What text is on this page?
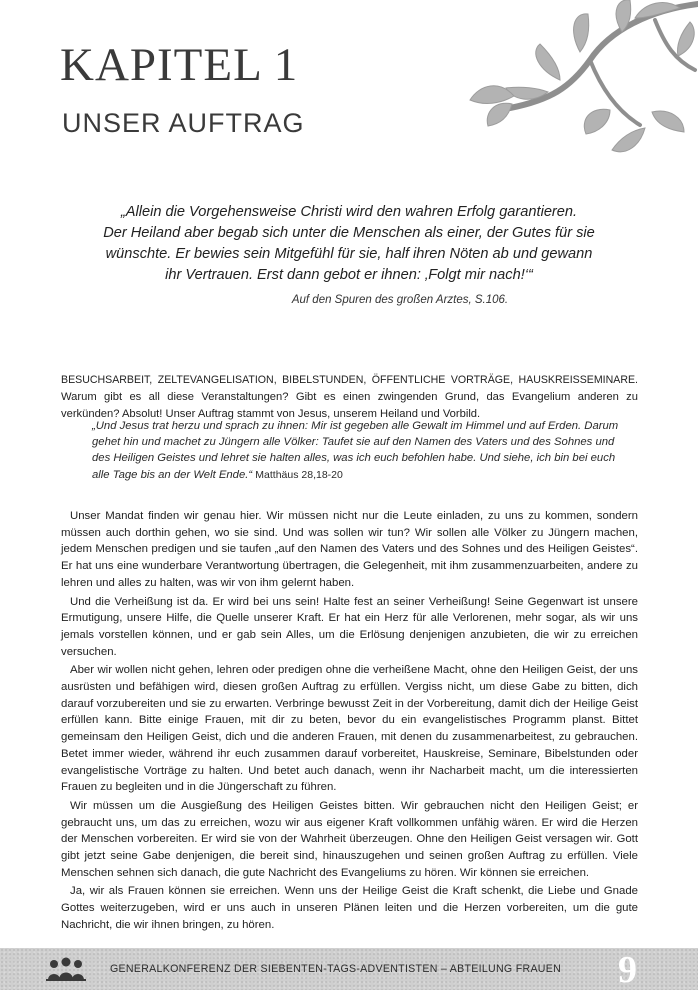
KAPITEL 1
UNSER AUFTRAG
„Allein die Vorgehensweise Christi wird den wahren Erfolg garantieren.
Der Heiland aber begab sich unter die Menschen als einer, der Gutes für sie
wünschte. Er bewies sein Mitgefühl für sie, half ihren Nöten ab und gewann
ihr Vertrauen. Erst dann gebot er ihnen: ‚Folgt mir nach!‘“
Auf den Spuren des großen Arztes, S.106.
BESUCHSARBEIT, ZELTEVANGELISATION, BIBELSTUNDEN, ÖFFENTLICHE VORTRÄGE, HAUSKREISSEMINARE. Warum gibt es all diese Veranstaltungen? Gibt es einen zwingenden Grund, das Evangelium anderen zu verkünden? Absolut! Unser Auftrag stammt von Jesus, unserem Heiland und Vorbild.
„Und Jesus trat herzu und sprach zu ihnen: Mir ist gegeben alle Gewalt im Himmel und auf Erden. Darum gehet hin und machet zu Jüngern alle Völker: Taufet sie auf den Namen des Vaters und des Sohnes und des Heiligen Geistes und lehret sie halten alles, was ich euch befohlen habe. Und siehe, ich bin bei euch alle Tage bis an der Welt Ende.“ Matthäus 28,18-20

Unser Mandat finden wir genau hier. Wir müssen nicht nur die Leute einladen, zu uns zu kommen, sondern müssen auch dorthin gehen, wo sie sind. Und was sollen wir tun? Wir sollen alle Völker zu Jüngern machen, jedem Menschen predigen und sie taufen „auf den Namen des Vaters und des Sohnes und des Heiligen Geistes“. Er hat uns eine wunderbare Verantwortung übertragen, die Gelegenheit, mit ihm zusammenzuarbeiten, andere zu lehren und alles zu halten, was wir von ihm gelernt haben.

Und die Verheißung ist da. Er wird bei uns sein! Halte fest an seiner Verheißung! Seine Gegenwart ist unsere Ermutigung, unsere Hilfe, die Quelle unserer Kraft. Er hat ein Herz für alle Verlorenen, mehr sogar, als wir uns jemals vorstellen können, und er gab sein Alles, um die Erlösung denjenigen anzubieten, die wir zu erreichen versuchen.

Aber wir wollen nicht gehen, lehren oder predigen ohne die verheißene Macht, ohne den Heiligen Geist, der uns ausrüsten und befähigen wird, diesen großen Auftrag zu erfüllen. Vergiss nicht, um diese Gabe zu bitten, dich darauf vorzubereiten und sie zu erwarten. Verbringe bewusst Zeit in der Vorbereitung, damit dich der Heilige Geist erfüllen kann. Bitte einige Frauen, mit dir zu beten, bevor du ein evangelistisches Programm planst. Bittet gemeinsam den Heiligen Geist, dich und die anderen Frauen, mit denen du zusammenarbeitest, zu gebrauchen. Betet immer wieder, während ihr euch zusammen darauf vorbereitet, Hauskreise, Seminare, Bibelstunden oder evangelistische Vorträge zu halten. Und betet auch danach, wenn ihr Nacharbeit macht, um die interessierten Frauen zu begleiten und in die Jüngerschaft zu führen.

Wir müssen um die Ausgießung des Heiligen Geistes bitten. Wir gebrauchen nicht den Heiligen Geist; er gebraucht uns, um das zu erreichen, wozu wir aus eigener Kraft vollkommen unfähig wären. Er wird die Herzen der Menschen vorbereiten. Er wird sie von der Wahrheit überzeugen. Ohne den Heiligen Geist versagen wir. Gott gibt jetzt seine Gabe denjenigen, die bereit sind, hinauszugehen und seinen großen Auftrag zu erfüllen. Viele Menschen sehnen sich danach, die gute Nachricht des Evangeliums zu hören. Wir können sie erreichen.

Ja, wir als Frauen können sie erreichen. Wenn uns der Heilige Geist die Kraft schenkt, die Liebe und Gnade Gottes weiterzugeben, wird er uns auch in unseren Plänen leiten und die Herzen vorbereiten, um die gute Nachricht, die wir ihnen bringen, zu hören.

GENERALKONFERENZ DER SIEBENTEN-TAGS-ADVENTISTEN – ABTEILUNG FRAUEN 9
